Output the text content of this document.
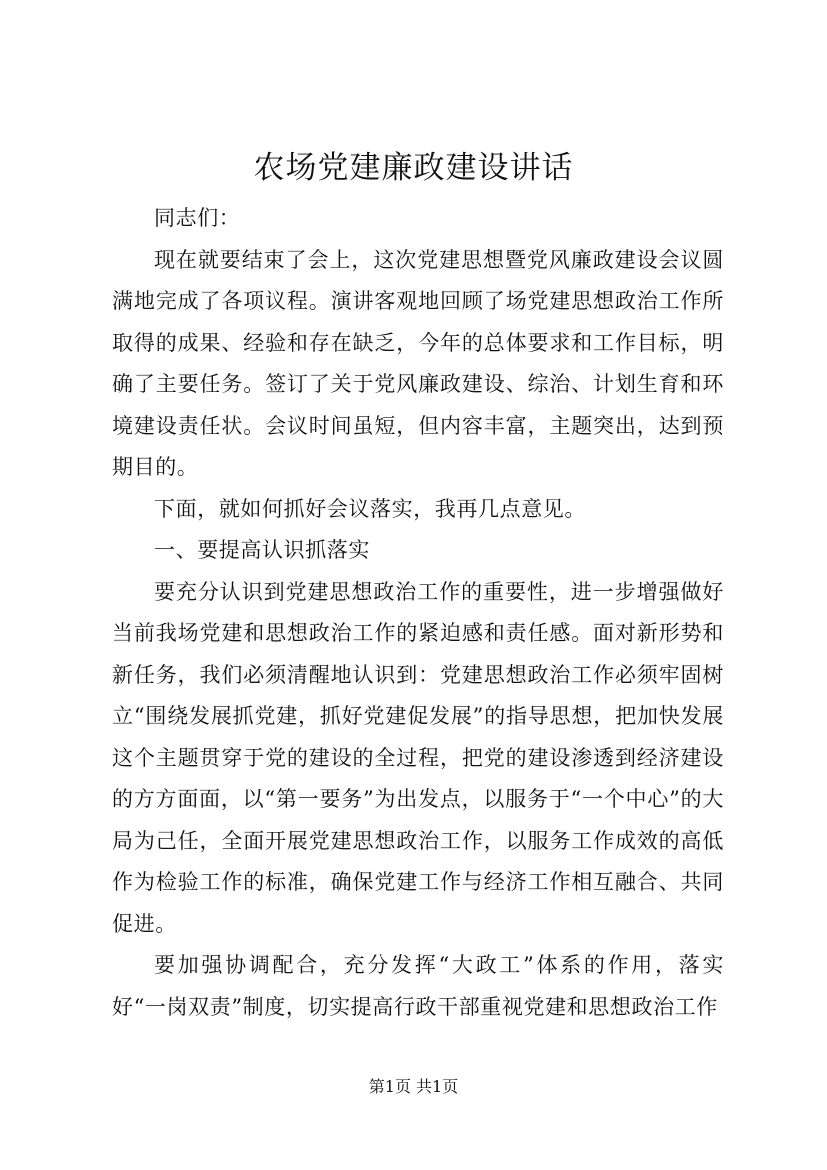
农场党建廉政建设讲话

同志们：

现在就要结束了会上，这次党建思想暨党风廉政建设会议圆满地完成了各项议程。演讲客观地回顾了场党建思想政治工作所取得的成果、经验和存在缺乏，今年的总体要求和工作目标，明确了主要任务。签订了关于党风廉政建设、综治、计划生育和环境建设责任状。会议时间虽短，但内容丰富，主题突出，达到预期目的。

下面，就如何抓好会议落实，我再几点意见。

一、要提高认识抓落实

要充分认识到党建思想政治工作的重要性，进一步增强做好当前我场党建和思想政治工作的紧迫感和责任感。面对新形势和新任务，我们必须清醒地认识到：党建思想政治工作必须牢固树立“围绕发展抓党建，抓好党建促发展”的指导思想，把加快发展这个主题贯穿于党的建设的全过程，把党的建设渗透到经济建设的方方面面，以“第一要务”为出发点，以服务于“一个中心”的大局为己任，全面开展党建思想政治工作，以服务工作成效的高低作为检验工作的标准，确保党建工作与经济工作相互融合、共同促进。

要加强协调配合，充分发挥“大政工”体系的作用，落实好“一岗双责”制度，切实提高行政干部重视党建和思想政治工作

第1页 共1页
